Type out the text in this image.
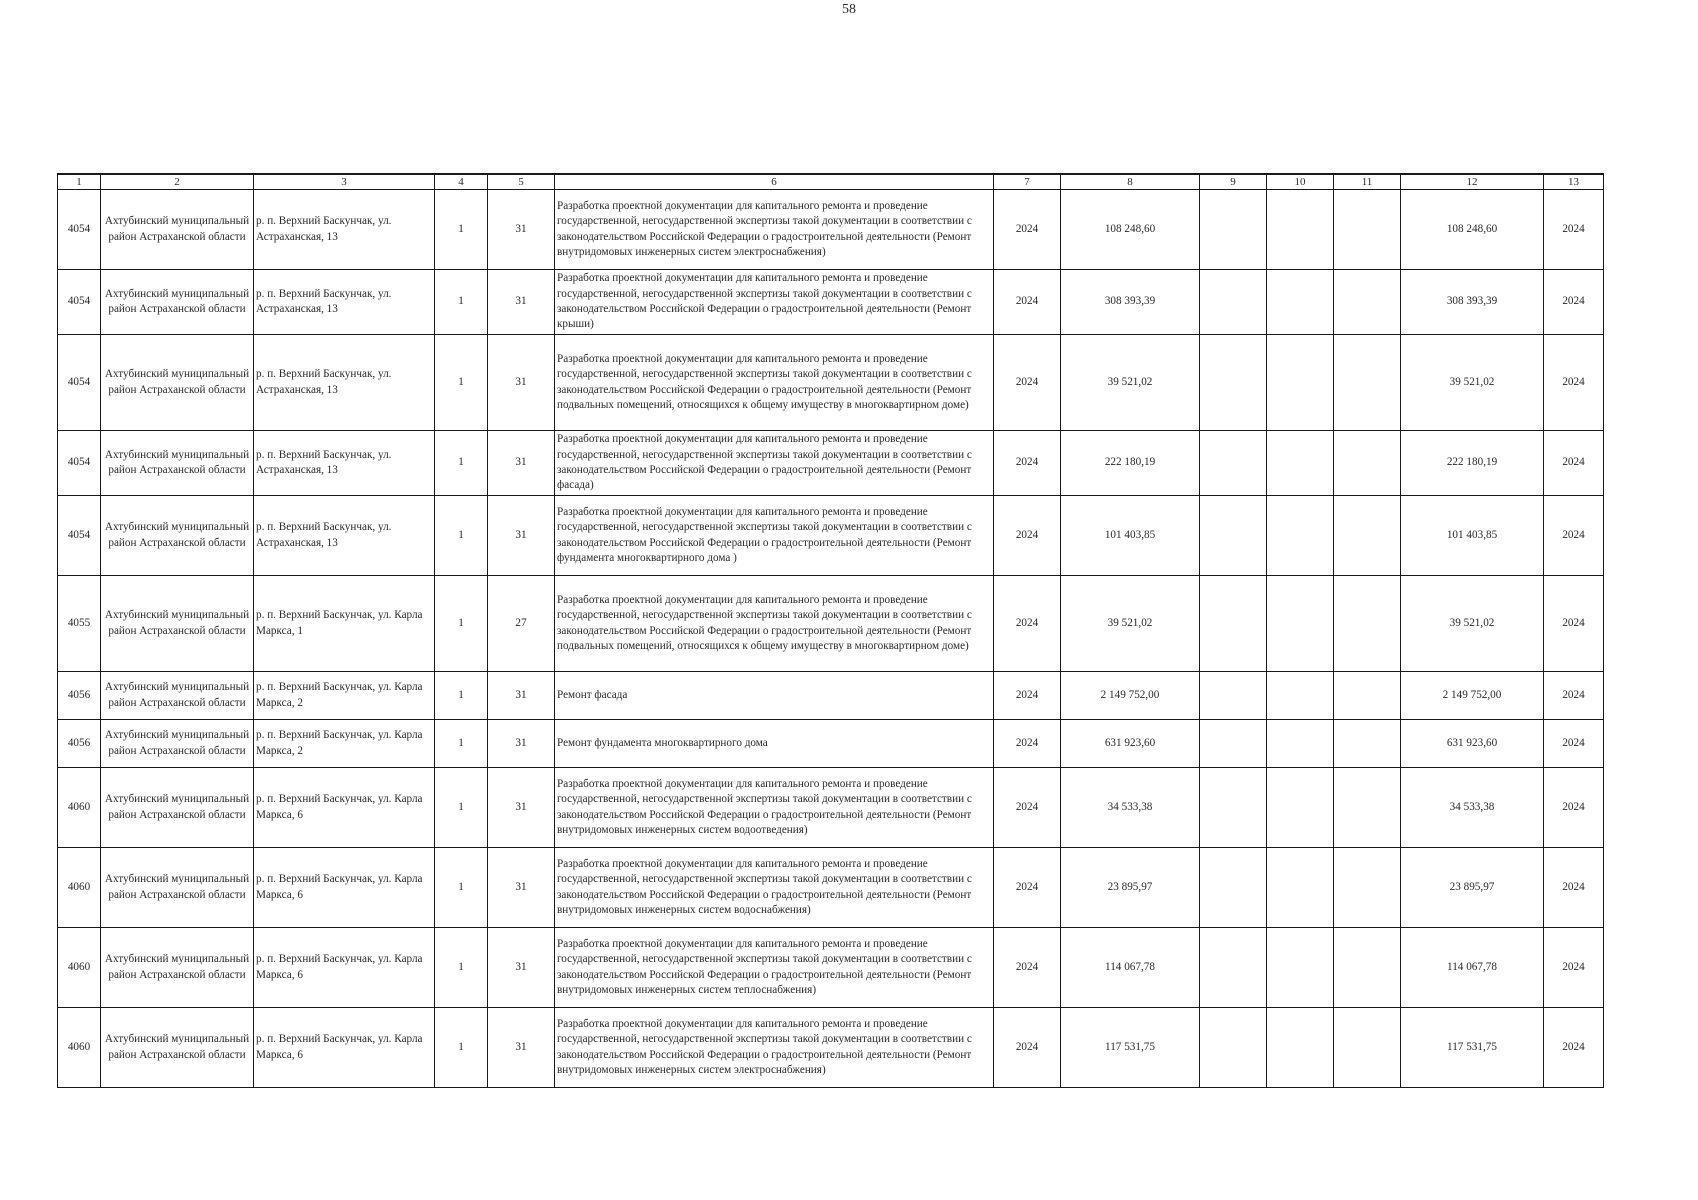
58
1	2	3	4	5	6	7	8	9	10	11	12	13
4054	Ахтубинский муниципальный район Астраханской области	р. п. Верхний Баскунчак, ул. Астраханская, 13	1	31	Разработка проектной документации для капитального ремонта и проведение государственной, негосударственной экспертизы такой документации в соответствии с законодательством Российской Федерации о градостроительной деятельности (Ремонт внутридомовых инженерных систем электроснабжения)	2024	108 248,60				108 248,60	2024
4054	Ахтубинский муниципальный район Астраханской области	р. п. Верхний Баскунчак, ул. Астраханская, 13	1	31	Разработка проектной документации для капитального ремонта и проведение государственной, негосударственной экспертизы такой документации в соответствии с законодательством Российской Федерации о градостроительной деятельности (Ремонт крыши)	2024	308 393,39				308 393,39	2024
4054	Ахтубинский муниципальный район Астраханской области	р. п. Верхний Баскунчак, ул. Астраханская, 13	1	31	Разработка проектной документации для капитального ремонта и проведение государственной, негосударственной экспертизы такой документации в соответствии с законодательством Российской Федерации о градостроительной деятельности (Ремонт подвальных помещений, относящихся к общему имуществу в многоквартирном доме)	2024	39 521,02				39 521,02	2024
4054	Ахтубинский муниципальный район Астраханской области	р. п. Верхний Баскунчак, ул. Астраханская, 13	1	31	Разработка проектной документации для капитального ремонта и проведение государственной, негосударственной экспертизы такой документации в соответствии с законодательством Российской Федерации о градостроительной деятельности (Ремонт фасада)	2024	222 180,19				222 180,19	2024
4054	Ахтубинский муниципальный район Астраханской области	р. п. Верхний Баскунчак, ул. Астраханская, 13	1	31	Разработка проектной документации для капитального ремонта и проведение государственной, негосударственной экспертизы такой документации в соответствии с законодательством Российской Федерации о градостроительной деятельности (Ремонт фундамента многоквартирного дома )	2024	101 403,85				101 403,85	2024
4055	Ахтубинский муниципальный район Астраханской области	р. п. Верхний Баскунчак, ул. Карла Маркса, 1	1	27	Разработка проектной документации для капитального ремонта и проведение государственной, негосударственной экспертизы такой документации в соответствии с законодательством Российской Федерации о градостроительной деятельности (Ремонт подвальных помещений, относящихся к общему имуществу в многоквартирном доме)	2024	39 521,02				39 521,02	2024
4056	Ахтубинский муниципальный район Астраханской области	р. п. Верхний Баскунчак, ул. Карла Маркса, 2	1	31	Ремонт фасада	2024	2 149 752,00				2 149 752,00	2024
4056	Ахтубинский муниципальный район Астраханской области	р. п. Верхний Баскунчак, ул. Карла Маркса, 2	1	31	Ремонт фундамента многоквартирного дома	2024	631 923,60				631 923,60	2024
4060	Ахтубинский муниципальный район Астраханской области	р. п. Верхний Баскунчак, ул. Карла Маркса, 6	1	31	Разработка проектной документации для капитального ремонта и проведение государственной, негосударственной экспертизы такой документации в соответствии с законодательством Российской Федерации о градостроительной деятельности (Ремонт внутридомовых инженерных систем водоотведения)	2024	34 533,38				34 533,38	2024
4060	Ахтубинский муниципальный район Астраханской области	р. п. Верхний Баскунчак, ул. Карла Маркса, 6	1	31	Разработка проектной документации для капитального ремонта и проведение государственной, негосударственной экспертизы такой документации в соответствии с законодательством Российской Федерации о градостроительной деятельности (Ремонт внутридомовых инженерных систем водоснабжения)	2024	23 895,97				23 895,97	2024
4060	Ахтубинский муниципальный район Астраханской области	р. п. Верхний Баскунчак, ул. Карла Маркса, 6	1	31	Разработка проектной документации для капитального ремонта и проведение государственной, негосударственной экспертизы такой документации в соответствии с законодательством Российской Федерации о градостроительной деятельности (Ремонт внутридомовых инженерных систем теплоснабжения)	2024	114 067,78				114 067,78	2024
4060	Ахтубинский муниципальный район Астраханской области	р. п. Верхний Баскунчак, ул. Карла Маркса, 6	1	31	Разработка проектной документации для капитального ремонта и проведение государственной, негосударственной экспертизы такой документации в соответствии с законодательством Российской Федерации о градостроительной деятельности (Ремонт внутридомовых инженерных систем электроснабжения)	2024	117 531,75				117 531,75	2024
